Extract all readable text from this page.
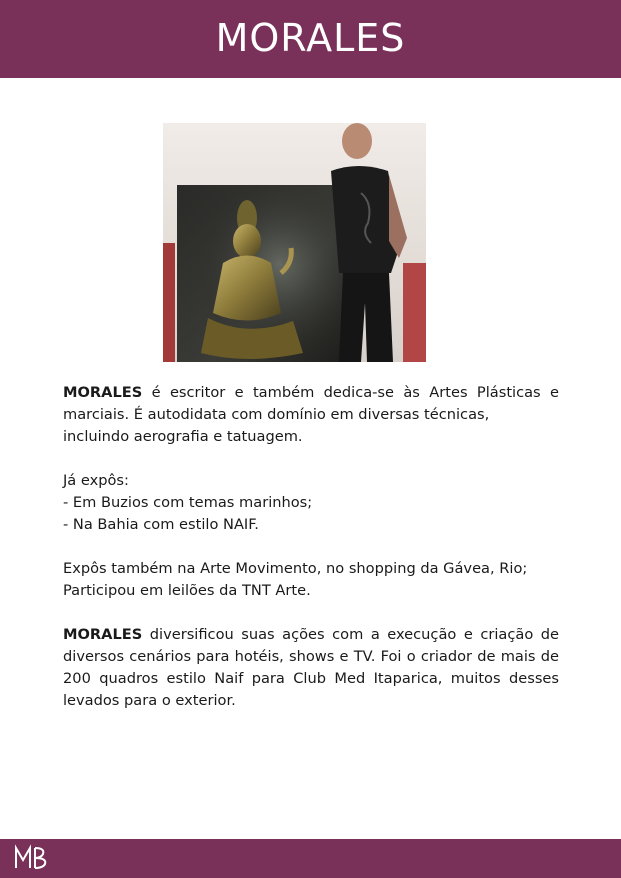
MORALES

MORALES é escritor e também dedica-se às Artes Plásticas e marciais. É autodidata com domínio em diversas técnicas,
incluindo aerografia e tatuagem.

Já expôs:
- Em Buzios com temas marinhos;
- Na Bahia com estilo NAIF.

Expôs também na Arte Movimento, no shopping da Gávea, Rio;
Participou em leilões da TNT Arte.

MORALES diversificou suas ações com a execução e criação de diversos cenários para hotéis, shows e TV. Foi o criador de mais de 200 quadros estilo Naif para Club Med Itaparica, muitos desses levados para o exterior.
